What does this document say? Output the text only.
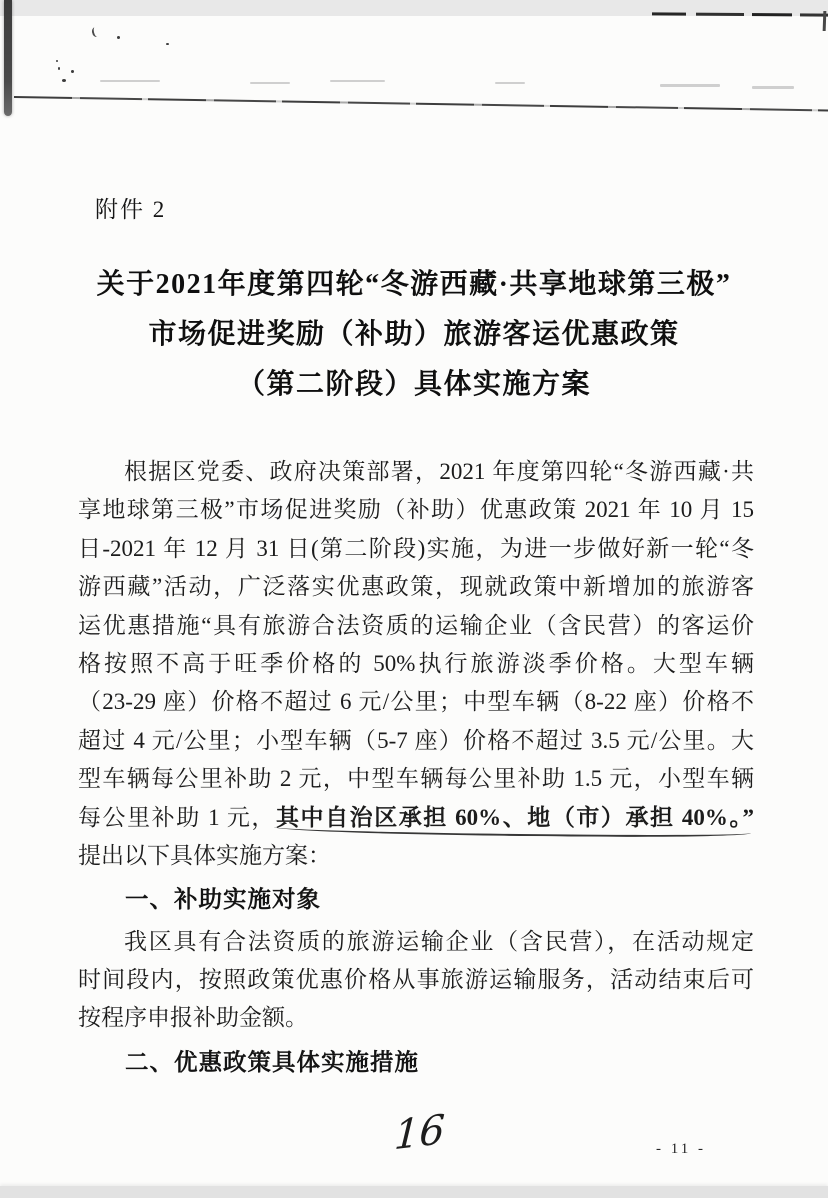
附件 2
关于2021年度第四轮“冬游西藏·共享地球第三极”
市场促进奖励（补助）旅游客运优惠政策
（第二阶段）具体实施方案
根据区党委、政府决策部署，2021 年度第四轮“冬游西藏·共
享地球第三极”市场促进奖励（补助）优惠政策 2021 年 10 月 15
日-2021 年 12 月 31 日(第二阶段)实施，为进一步做好新一轮“冬
游西藏”活动，广泛落实优惠政策，现就政策中新增加的旅游客
运优惠措施“具有旅游合法资质的运输企业（含民营）的客运价
格按照不高于旺季价格的 50%执行旅游淡季价格。大型车辆
（23-29 座）价格不超过 6 元/公里；中型车辆（8-22 座）价格不
超过 4 元/公里；小型车辆（5-7 座）价格不超过 3.5 元/公里。大
型车辆每公里补助 2 元，中型车辆每公里补助 1.5 元，小型车辆
每公里补助 1 元，其中自治区承担 60%、地（市）承担 40%。”
提出以下具体实施方案：
一、补助实施对象
我区具有合法资质的旅游运输企业（含民营），在活动规定
时间段内，按照政策优惠价格从事旅游运输服务，活动结束后可
按程序申报补助金额。
二、优惠政策具体实施措施
16	- 11 -
